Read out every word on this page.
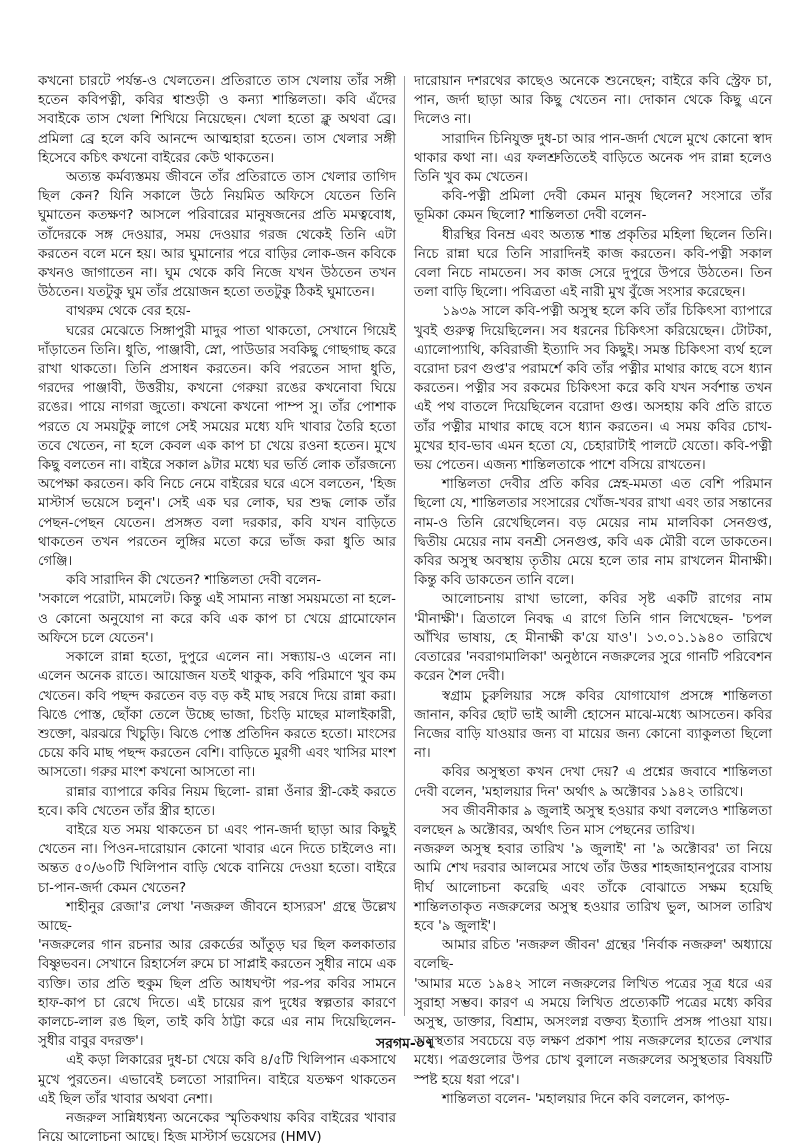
কখনো চারটে পর্যন্ত-ও খেলতেন। প্রতিরাতে তাস খেলায় তাঁর সঙ্গী হতেন কবিপত্নী, কবির শ্বাশুড়ী ও কন্যা শান্তিলতা। কবি এঁদের সবাইকে তাস খেলা শিখিয়ে নিয়েছেন। খেলা হতো ক্লু অথবা ব্রে। প্রমিলা ব্রে হলে কবি আনন্দে আত্মহারা হতেন। তাস খেলার সঙ্গী হিসেবে কচিৎ কখনো বাইরের কেউ থাকতেন।

অত্যন্ত কর্মব্যস্তময় জীবনে তাঁর প্রতিরাতে তাস খেলার তাগিদ ছিল কেন? যিনি সকালে উঠে নিয়মিত অফিসে যেতেন তিনি ঘুমাতেন কতক্ষণ? আসলে পরিবারের মানুষজনের প্রতি মমত্ববোধ, তাঁদেরকে সঙ্গ দেওয়ার, সময় দেওয়ার গরজ থেকেই তিনি এটা করতেন বলে মনে হয়। আর ঘুমানোর পরে বাড়ির লোক-জন কবিকে কখনও জাগাতেন না। ঘুম থেকে কবি নিজে যখন উঠতেন তখন উঠতেন। যতটুকু ঘুম তাঁর প্রয়োজন হতো ততটুকু ঠিকই ঘুমাতেন।

বাথরুম থেকে বের হয়ে-

ঘরের মেঝেতে সিঙ্গাপুরী মাদুর পাতা থাকতো, সেখানে গিয়েই দাঁড়াতেন তিনি। ধুতি, পাঞ্জাবী, স্নো, পাউডার সবকিছু গোছগাছ করে রাখা থাকতো। তিনি প্রসাধন করতেন। কবি পরতেন সাদা ধুতি, গরদের পাঞ্জাবী, উত্তরীয়, কখনো গেরুয়া রঙের কখনোবা ঘিয়ে রঙের। পায়ে নাগরা জুতো। কখনো কখনো পাম্প সু। তাঁর পোশাক পরতে যে সময়টুকু লাগে সেই সময়ের মধ্যে যদি খাবার তৈরি হতো তবে খেতেন, না হলে কেবল এক কাপ চা খেয়ে রওনা হতেন। মুখে কিছু বলতেন না। বাইরে সকাল ৯টার মধ্যে ঘর ভর্তি লোক তাঁরজন্যে অপেক্ষা করতেন। কবি নিচে নেমে বাইরের ঘরে এসে বলতেন, 'হিজ মাস্টার্স ভয়েসে চলুন'। সেই এক ঘর লোক, ঘর শুদ্ধ লোক তাঁর পেছন-পেছন যেতেন। প্রসঙ্গত বলা দরকার, কবি যখন বাড়িতে থাকতেন তখন পরতেন লুঙ্গির মতো করে ভাঁজ করা ধুতি আর গেঞ্জি।

কবি সারাদিন কী খেতেন? শান্তিলতা দেবী বলেন-

'সকালে পরোটা, মামলেট। কিন্তু এই সামান্য নাস্তা সময়মতো না হলে-ও কোনো অনুযোগ না করে কবি এক কাপ চা খেয়ে গ্রামোফোন অফিসে চলে যেতেন'।

সকালে রান্না হতো, দুপুরে এলেন না। সন্ধ্যায়-ও এলেন না। এলেন অনেক রাতে। আয়োজন যতই থাকুক, কবি পরিমাণে খুব কম খেতেন। কবি পছন্দ করতেন বড় বড় কই মাছ সরষে দিয়ে রান্না করা। ঝিঙে পোস্ত, ছোঁকা তেলে উচ্ছে ভাজা, চিংড়ি মাছের মালাইকারী, শুক্তো, ঝরঝরে খিচুড়ি। ঝিঙে পোস্ত প্রতিদিন করতে হতো। মাংসের চেয়ে কবি মাছ পছন্দ করতেন বেশি। বাড়িতে মুরগী এবং খাসির মাংশ আসতো। গরুর মাংশ কখনো আসতো না।

রান্নার ব্যাপারে কবির নিয়ম ছিলো- রান্না ওঁনার স্ত্রী-কেই করতে হবে। কবি খেতেন তাঁর স্ত্রীর হাতে।

বাইরে যত সময় থাকতেন চা এবং পান-জর্দা ছাড়া আর কিছুই খেতেন না। পিওন-দারোয়ান কোনো খাবার এনে দিতে চাইলেও না। অন্তত ৫০/৬০টি খিলিপান বাড়ি থেকে বানিয়ে দেওয়া হতো। বাইরে চা-পান-জর্দা কেমন খেতেন?

শাহীনুর রেজা'র লেখা 'নজরুল জীবনে হাস্যরস' গ্রন্থে উল্লেখ আছে-

'নজরুলের গান রচনার আর রেকর্ডের আঁতুড় ঘর ছিল কলকাতার বিষ্ণুভবন। সেখানে রিহার্সেল রুমে চা সাপ্লাই করতেন সুধীর নামে এক ব্যক্তি। তার প্রতি হুকুম ছিল প্রতি আধঘণ্টা পর-পর কবির সামনে হাফ-কাপ চা রেখে দিতে। এই চায়ের রূপ দুধের স্বল্পতার কারণে কালচে-লাল রঙ ছিল, তাই কবি ঠাট্টা করে এর নাম দিয়েছিলেন- সুধীর বাবুর বদরক্ত'।

এই কড়া লিকারের দুধ-চা খেয়ে কবি ৪/৫টি খিলিপান একসাথে মুখে পুরতেন। এভাবেই চলতো সারাদিন। বাইরে যতক্ষণ থাকতেন এই ছিল তাঁর খাবার অথবা নেশা।

নজরুল সান্নিধ্যধন্য অনেকের স্মৃতিকথায় কবির বাইরের খাবার নিয়ে আলোচনা আছে। হিজ মাস্টার্স ভয়েসের (HMV)

দারোয়ান দশরথের কাছেও অনেকে শুনেছেন; বাইরে কবি স্ট্রেফ চা, পান, জর্দা ছাড়া আর কিছু খেতেন না। দোকান থেকে কিছু এনে দিলেও না।

সারাদিন চিনিযুক্ত দুধ-চা আর পান-জর্দা খেলে মুখে কোনো স্বাদ থাকার কথা না। এর ফলশ্রুতিতেই বাড়িতে অনেক পদ রান্না হলেও তিনি খুব কম খেতেন।

কবি-পত্নী প্রমিলা দেবী কেমন মানুষ ছিলেন? সংসারে তাঁর ভূমিকা কেমন ছিলো? শান্তিলতা দেবী বলেন-

ধীরস্থির বিনম্র এবং অত্যন্ত শান্ত প্রকৃতির মহিলা ছিলেন তিনি। নিচে রান্না ঘরে তিনি সারাদিনই কাজ করতেন। কবি-পত্নী সকাল বেলা নিচে নামতেন। সব কাজ সেরে দুপুরে উপরে উঠতেন। তিন তলা বাড়ি ছিলো। পবিত্রতা এই নারী মুখ বুঁজে সংসার করেছেন।

১৯৩৯ সালে কবি-পত্নী অসুস্থ হলে কবি তাঁর চিকিৎসা ব্যাপারে খুবই গুরুত্ব দিয়েছিলেন। সব ধরনের চিকিৎসা করিয়েছেন। টোটকা, এ্যালোপ্যাথি, কবিরাজী ইত্যাদি সব কিছুই। সমস্ত চিকিৎসা ব্যর্থ হলে বরোদা চরণ গুপ্ত'র পরামর্শে কবি তাঁর পত্নীর মাথার কাছে বসে ধ্যান করতেন। পত্নীর সব রকমের চিকিৎসা করে কবি যখন সর্বশান্ত তখন এই পথ বাতলে দিয়েছিলেন বরোদা গুপ্ত। অসহায় কবি প্রতি রাতে তাঁর পত্নীর মাথার কাছে বসে ধ্যান করতেন। এ সময় কবির চোখ-মুখের হাব-ভাব এমন হতো যে, চেহারাটাই পালটে যেতো। কবি-পত্নী ভয় পেতেন। এজন্য শান্তিলতাকে পাশে বসিয়ে রাখতেন।

শান্তিলতা দেবীর প্রতি কবির স্নেহ-মমতা এত বেশি পরিমান ছিলো যে, শান্তিলতার সংসারের খোঁজ-খবর রাখা এবং তার সন্তানের নাম-ও তিনি রেখেছিলেন। বড় মেয়ের নাম মালবিকা সেনগুপ্ত, দ্বিতীয় মেয়ের নাম বনশ্রী সেনগুপ্ত, কবি এক মৌরী বলে ডাকতেন। কবির অসুস্থ অবস্থায় তৃতীয় মেয়ে হলে তার নাম রাখলেন মীনাক্ষী। কিন্তু কবি ডাকতেন তানি বলে।

আলোচনায় রাখা ভালো, কবির সৃষ্ট একটি রাগের নাম 'মীনাক্ষী'। ত্রিতালে নিবদ্ধ এ রাগে তিনি গান লিখেছেন- 'চপল আঁখির ভাষায়, হে মীনাক্ষী ক'য়ে যাও'। ১৩.০১.১৯৪০ তারিখে বেতারের 'নবরাগমালিকা' অনুষ্ঠানে নজরুলের সুরে গানটি পরিবেশন করেন শৈল দেবী।

স্বগ্রাম চুরুলিয়ার সঙ্গে কবির যোগাযোগ প্রসঙ্গে শান্তিলতা জানান, কবির ছোট ভাই আলী হোসেন মাঝে-মধ্যে আসতেন। কবির নিজের বাড়ি যাওয়ার জন্য বা মায়ের জন্য কোনো ব্যাকুলতা ছিলো না।

কবির অসুস্থতা কখন দেখা দেয়? এ প্রশ্নের জবাবে শান্তিলতা দেবী বলেন, 'মহালয়ার দিন' অর্থাৎ ৯ অক্টোবর ১৯৪২ তারিখে।

সব জীবনীকার ৯ জুলাই অসুস্থ হওয়ার কথা বললেও শান্তিলতা বলছেন ৯ অক্টোবর, অর্থাৎ তিন মাস পেছনের তারিখ।

নজরুল অসুস্থ হবার তারিখ '৯ জুলাই' না '৯ অক্টোবর' তা নিয়ে আমি শেখ দরবার আলমের সাথে তাঁর উত্তর শাহজাহানপুরের বাসায় দীর্ঘ আলোচনা করেছি এবং তাঁকে বোঝাতে সক্ষম হয়েছি শান্তিলতাকৃত নজরুলের অসুস্থ হওয়ার তারিখ ভুল, আসল তারিখ হবে '৯ জুলাই'।

আমার রচিত 'নজরুল জীবন' গ্রন্থের 'নির্বাক নজরুল' অধ্যায়ে বলেছি-

'আমার মতে ১৯৪২ সালে নজরুলের লিখিত পত্রের সূত্র ধরে এর সুরাহা সম্ভব। কারণ এ সময়ে লিখিত প্রত্যেকটি পত্রের মধ্যে কবির অসুস্থ, ডাক্তার, বিশ্রাম, অসংলগ্ন বক্তব্য ইত্যাদি প্রসঙ্গ পাওয়া যায়। অসুস্থতার সবচেয়ে বড় লক্ষণ প্রকাশ পায় নজরুলের হাতের লেখার মধ্যে। পত্রগুলোর উপর চোখ বুলালে নজরুলের অসুস্থতার বিষয়টি স্পষ্ট হয়ে ধরা পরে'।

শান্তিলতা বলেন- 'মহালয়ার দিনে কবি বললেন, কাপড়-

সরগম-০৭
